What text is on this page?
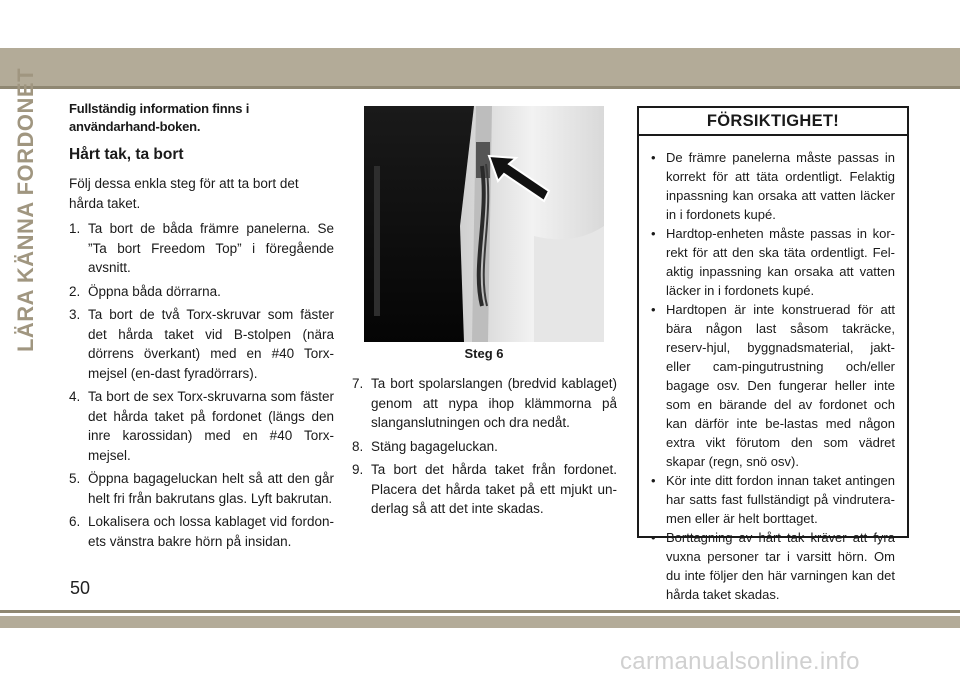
LÄRA KÄNNA FORDONET Fullständig information finns i användarhand-boken.

Hårt tak, ta bort

Följ dessa enkla steg för att ta bort det hårda taket.

1. Ta bort de båda främre panelerna. Se ”Ta bort Freedom Top” i föregående avsnitt.
2. Öppna båda dörrarna.
3. Ta bort de två Torx-skruvar som fäster det hårda taket vid B-stolpen (nära dörrens överkant) med en #40 Torx-mejsel (en-dast fyradörrars).
4. Ta bort de sex Torx-skruvarna som fäster det hårda taket på fordonet (längs den inre karossidan) med en #40 Torx-mejsel.
5. Öppna bagageluckan helt så att den går helt fri från bakrutans glas. Lyft bakrutan.
6. Lokalisera och lossa kablaget vid fordon-ets vänstra bakre hörn på insidan.
Steg 6
7. Ta bort spolarslangen (bredvid kablaget) genom att nypa ihop klämmorna på slanganslutningen och dra nedåt.
8. Stäng bagageluckan.
9. Ta bort det hårda taket från fordonet. Placera det hårda taket på ett mjukt un-derlag så att det inte skadas.
FÖRSIKTIGHET!
• De främre panelerna måste passas in korrekt för att täta ordentligt. Felaktig inpassning kan orsaka att vatten läcker in i fordonets kupé.
• Hardtop-enheten måste passas in kor-rekt för att den ska täta ordentligt. Fel-aktig inpassning kan orsaka att vatten läcker in i fordonets kupé.
• Hardtopen är inte konstruerad för att bära någon last såsom takräcke, reserv-hjul, byggnadsmaterial, jakt- eller cam-pingutrustning och/eller bagage osv. Den fungerar heller inte som en bärande del av fordonet och kan därför inte be-lastas med någon extra vikt förutom den som vädret skapar (regn, snö osv).
• Kör inte ditt fordon innan taket antingen har satts fast fullständigt på vindrutera-men eller är helt borttaget.
• Borttagning av hårt tak kräver att fyra vuxna personer tar i varsitt hörn. Om du inte följer den här varningen kan det hårda taket skadas.
50
carmanualsonline.info
